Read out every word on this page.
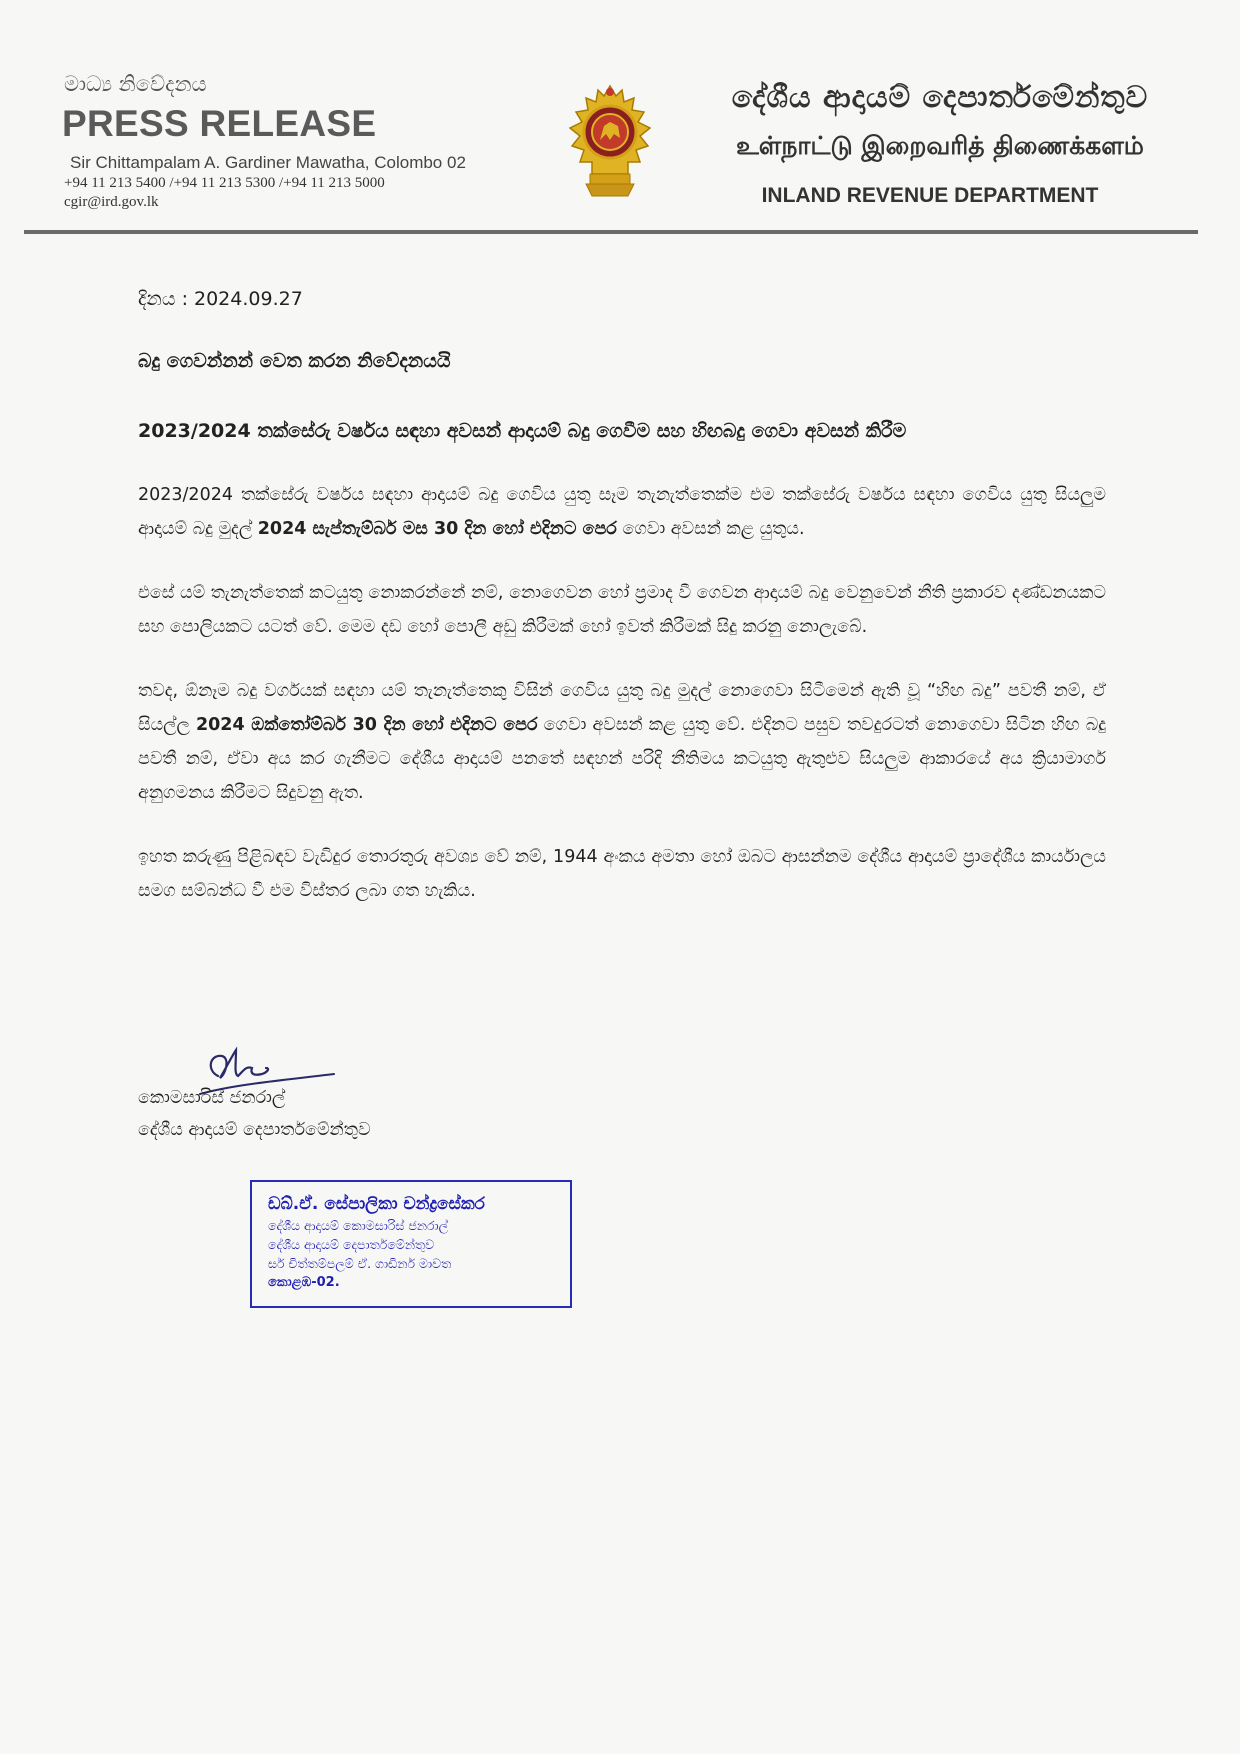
මාධ්‍ය නිවේදනය
PRESS RELEASE
Sir Chittampalam A. Gardiner Mawatha, Colombo 02
+94 11 213 5400 /+94 11 213 5300 /+94 11 213 5000
cgir@ird.gov.lk
දේශීය ආදායම් දෙපාර්තමේන්තුව
உள்நாட்டு இறைவரித் திணைக்களம்
INLAND REVENUE DEPARTMENT
දිනය : 2024.09.27
බදු ගෙවන්නන් වෙත කරන නිවේදනයයි
2023/2024 තක්සේරු වර්ෂය සඳහා අවසන් ආදායම් බදු ගෙවීම සහ හිඟබදු ගෙවා අවසන් කිරීම

2023/2024 තක්සේරු වර්ෂය සඳහා ආදායම් බදු ගෙවිය යුතු සෑම තැනැත්තෙක්ම එම තක්සේරු වර්ෂය සඳහා ගෙවිය යුතු සියලුම ආදායම් බදු මුදල් 2024 සැප්තැම්බර් මස 30 දින හෝ එදිනට පෙර ගෙවා අවසන් කළ යුතුය.

එසේ යම් තැනැත්තෙක් කටයුතු නොකරන්නේ නම්, නොගෙවන හෝ ප්‍රමාද වී ගෙවන ආදායම් බදු වෙනුවෙන් නීති ප්‍රකාරව දණ්ඩනයකට සහ පොලියකට යටත් වේ. මෙම දඩ හෝ පොලී අඩු කිරීමක් හෝ ඉවත් කිරීමක් සිදු කරනු නොලැබේ.

තවද, ඕනෑම බදු වර්ගයක් සඳහා යම් තැනැත්තෙකු විසින් ගෙවිය යුතු බදු මුදල් නොගෙවා සිටීමෙන් ඇති වූ “හිඟ බදු” පවතී නම්, ඒ සියල්ල 2024 ඔක්තෝම්බර් 30 දින හෝ එදිනට පෙර ගෙවා අවසන් කළ යුතු වේ. එදිනට පසුව තවදුරටත් නොගෙවා සිටින හිඟ බදු පවතී නම්, ඒවා අය කර ගැනීමට දේශීය ආදායම් පනතේ සඳහන් පරිදි නීතිමය කටයුතු ඇතුළුව සියලුම ආකාරයේ අය ක්‍රියාමාර්ග අනුගමනය කිරීමට සිදුවනු ඇත.

ඉහත කරුණු පිළිබඳව වැඩිදුර තොරතුරු අවශ්‍ය වේ නම්, 1944 අංකය අමතා හෝ ඔබට ආසන්නම දේශීය ආදායම් ප්‍රාදේශීය කාර්යාලය සමග සම්බන්ධ වී එම විස්තර ලබා ගත හැකිය.

කොමසාරිස් ජනරාල්
දේශීය ආදායම් දෙපාර්තමේන්තුව
ඩබ්.ඒ. සේපාලිකා චන්ද්‍රසේකර
දේශීය ආදායම් කොමසාරිස් ජනරාල්
දේශීය ආදායම් දෙපාර්තමේන්තුව
සර් චිත්තම්පලම් ඒ. ගාඩිනර් මාවත
කොළඹ-02.
